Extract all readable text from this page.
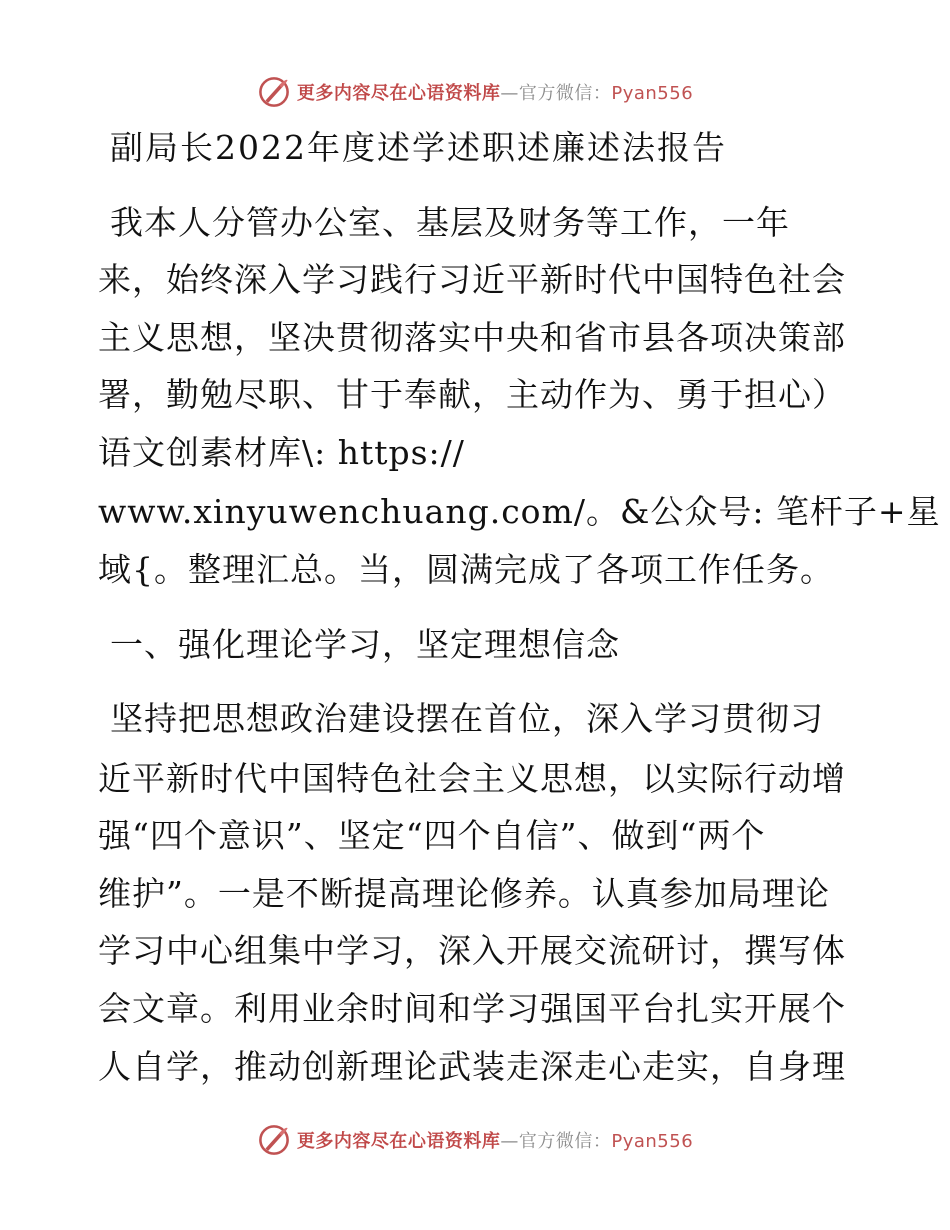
更多内容尽在心语资料库—官方微信：Pyan556
副局长2022年度述学述职述廉述法报告
我本人分管办公室、基层及财务等工作，一年
来，始终深入学习践行习近平新时代中国特色社会
主义思想，坚决贯彻落实中央和省市县各项决策部
署，勤勉尽职、甘于奉献，主动作为、勇于担心）
语文创素材库\: https://
www.xinyuwenchuang.com/。&公众号: 笔杆子+星
域{。整理汇总。当，圆满完成了各项工作任务。
一、强化理论学习，坚定理想信念
坚持把思想政治建设摆在首位，深入学习贯彻习
近平新时代中国特色社会主义思想，以实际行动增
强“四个意识”、坚定“四个自信”、做到“两个
维护”。一是不断提高理论修养。认真参加局理论
学习中心组集中学习，深入开展交流研讨，撰写体
会文章。利用业余时间和学习强国平台扎实开展个
人自学，推动创新理论武装走深走心走实，自身理
更多内容尽在心语资料库—官方微信：Pyan556
